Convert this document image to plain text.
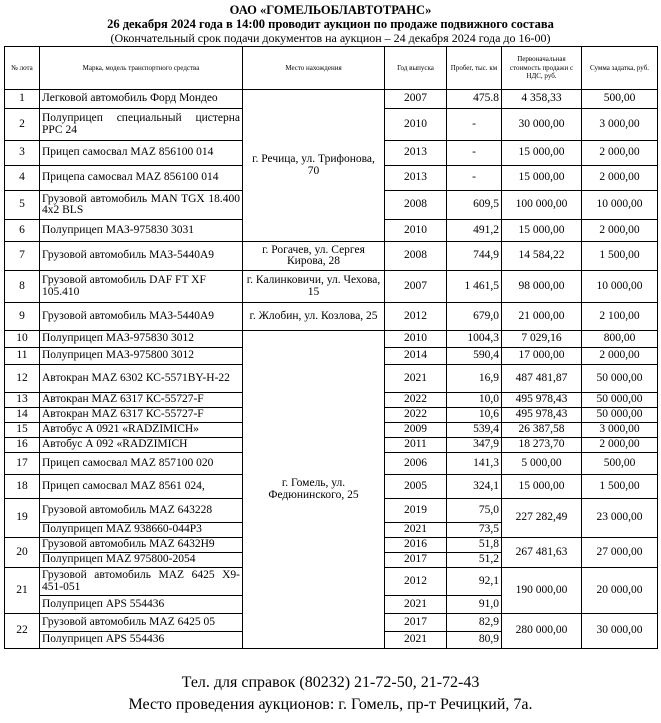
ОАО «ГОМЕЛЬОБЛАВТОТРАНС»
26 декабря 2024 года в 14:00 проводит аукцион по продаже подвижного состава
(Окончательный срок подачи документов на аукцион – 24 декабря 2024 года до 16-00)
№ лота	Марка, модель транспортного средства	Место нахождения	Год выпуска	Пробег, тыс. км	Первоначальная стоимость продажи с НДС, руб.	Сумма задатка, руб.
1	Легковой автомобиль Форд Мондео	г. Речица, ул. Трифонова, 70	2007	475.8	4 358,33	500,00
2	Полуприцеп специальный цистерна РРС 24		2010	-	30 000,00	3 000,00
3	Прицеп самосвал MAZ 856100 014		2013	-	15 000,00	2 000,00
4	Прицепа самосвал MAZ 856100 014		2013	-	15 000,00	2 000,00
5	Грузовой автомобиль MAN TGX 18.400 4x2 BLS		2008	609,5	100 000,00	10 000,00
6	Полуприцеп МАЗ-975830 3031		2010	491,2	15 000,00	2 000,00
7	Грузовой автомобиль МАЗ-5440А9	г. Рогачев, ул. Сергея Кирова, 28	2008	744,9	14 584,22	1 500,00
8	Грузовой автомобиль DAF FT XF 105.410	г. Калинковичи, ул. Чехова, 15	2007	1 461,5	98 000,00	10 000,00
9	Грузовой автомобиль МАЗ-5440А9	г. Жлобин, ул. Козлова, 25	2012	679,0	21 000,00	2 100,00
10	Полуприцеп МАЗ-975830 3012	г. Гомель, ул. Федюнинского, 25	2010	1004,3	7 029,16	800,00
11	Полуприцеп МАЗ-975800 3012		2014	590,4	17 000,00	2 000,00
12	Автокран MAZ 6302 КС-5571BY-H-22		2021	16,9	487 481,87	50 000,00
13	Автокран MAZ 6317 КС-55727-F		2022	10,0	495 978,43	50 000,00
14	Автокран MAZ 6317 КС-55727-F		2022	10,6	495 978,43	50 000,00
15	Автобус А 0921 «RADZIMICH»		2009	539,4	26 387,58	3 000,00
16	Автобус А 092 «RADZIMICH		2011	347,9	18 273,70	2 000,00
17	Прицеп самосвал MAZ 857100 020		2006	141,3	5 000,00	500,00
18	Прицеп самосвал MAZ 8561 024,		2005	324,1	15 000,00	1 500,00
19	Грузовой автомобиль MAZ 643228		2019	75,0	227 282,49	23 000,00
	Полуприцеп MAZ 938660-044Р3		2021	73,5		
20	Грузовой автомобиль MAZ 6432H9		2016	51,8	267 481,63	27 000,00
	Полуприцеп MAZ 975800-2054		2017	51,2		
21	Грузовой автомобиль MAZ 6425 X9-451-051		2012	92,1	190 000,00	20 000,00
	Полуприцеп APS 554436		2021	91,0		
22	Грузовой автомобиль MAZ 6425 05		2017	82,9	280 000,00	30 000,00
	Полуприцеп APS 554436		2021	80,9		
Тел. для справок (80232) 21-72-50, 21-72-43
Место проведения аукционов: г. Гомель, пр-т Речицкий, 7а.
